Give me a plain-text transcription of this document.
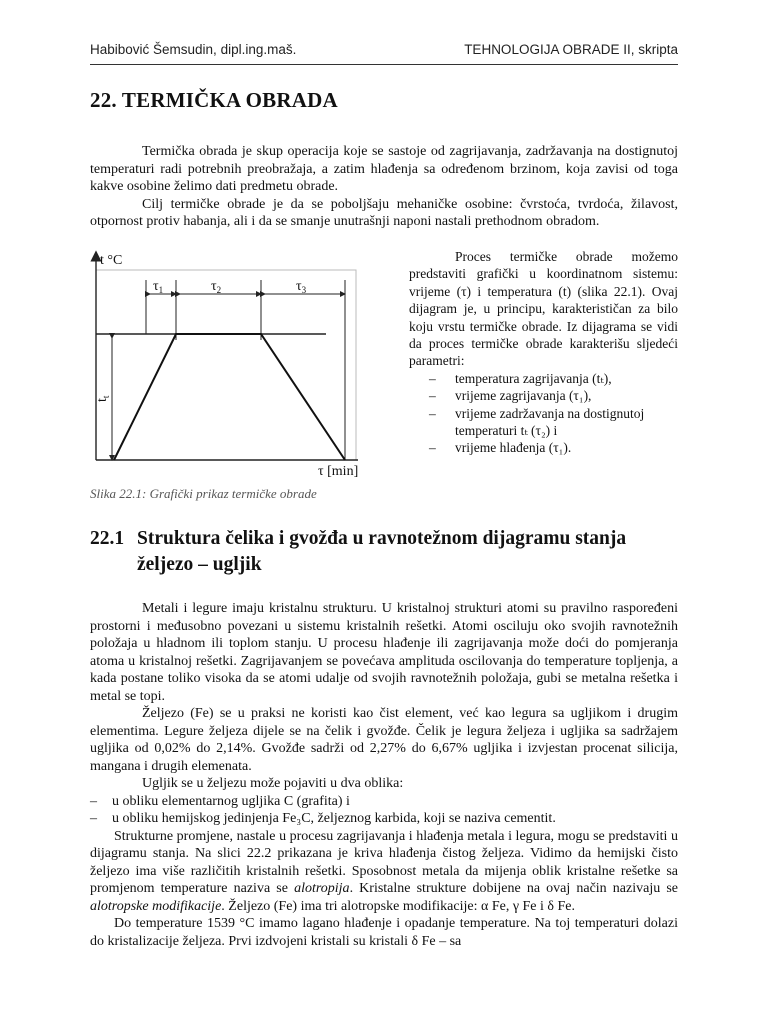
Habibović Šemsudin, dipl.ing.maš.	TEHNOLOGIJA OBRADE II, skripta
22. TERMIČKA OBRADA

Termička obrada je skup operacija koje se sastoje od zagrijavanja, zadržavanja na dostignutoj temperaturi radi potrebnih preobražaja, a zatim hlađenja sa određenom brzinom, koja zavisi od toga kakve osobine želimo dati predmetu obrade.

Cilj termičke obrade je da se poboljšaju mehaničke osobine: čvrstoća, tvrdoća, žilavost, otpornost protiv habanja, ali i da se smanje unutrašnji naponi nastali prethodnom obradom.

t °C
τ [min]
$\tau_1$	$\tau_2$	$\tau_3$
$t_t$
Slika 22.1: Grafički prikaz termičke obrade

Proces termičke obrade možemo predstaviti grafički u koordinatnom sistemu: vrijeme (τ) i temperatura (t) (slika 22.1). Ovaj dijagram je, u principu, karakterističan za bilo koju vrstu termičke obrade. Iz dijagrama se vidi da proces termičke obrade karakterišu sljedeći parametri:

– temperatura zagrijavanja (tₜ),
– vrijeme zagrijavanja (τ₁),
– vrijeme zadržavanja na dostignutoj temperaturi tₜ (τ₂) i
– vrijeme hlađenja (τ₁).
22.1 Struktura čelika i gvožđa u ravnotežnom dijagramu stanja željezo – ugljik

Metali i legure imaju kristalnu strukturu. U kristalnoj strukturi atomi su pravilno raspoređeni prostorni i međusobno povezani u sistemu kristalnih rešetki. Atomi osciluju oko svojih ravnotežnih položaja u hladnom ili toplom stanju. U procesu hlađenje ili zagrijavanja može doći do pomjeranja atoma u kristalnoj rešetki. Zagrijavanjem se povećava amplituda oscilovanja do temperature topljenja, a kada postane toliko visoka da se atomi udalje od svojih ravnotežnih položaja, gubi se metalna rešetka i metal se topi.

Željezo (Fe) se u praksi ne koristi kao čist element, već kao legura sa ugljikom i drugim elementima. Legure željeza dijele se na čelik i gvožđe. Čelik je legura željeza i ugljika sa sadržajem ugljika od 0,02% do 2,14%. Gvožđe sadrži od 2,27% do 6,67% ugljika i izvjestan procenat silicija, mangana i drugih elemenata.

Ugljik se u željezu može pojaviti u dva oblika:

– u obliku elementarnog ugljika C (grafita) i
– u obliku hemijskog jedinjenja Fe₃C, željeznog karbida, koji se naziva cementit.

Strukturne promjene, nastale u procesu zagrijavanja i hlađenja metala i legura, mogu se predstaviti u dijagramu stanja. Na slici 22.2 prikazana je kriva hlađenja čistog željeza. Vidimo da hemijski čisto željezo ima više različitih kristalnih rešetki. Sposobnost metala da mijenja oblik kristalne rešetke sa promjenom temperature naziva se alotropija. Kristalne strukture dobijene na ovaj način nazivaju se alotropske modifikacije. Željezo (Fe) ima tri alotropske modifikacije: α Fe, γ Fe i δ Fe.

Do temperature 1539 °C imamo lagano hlađenje i opadanje temperature. Na toj temperaturi dolazi do kristalizacije željeza. Prvi izdvojeni kristali su kristali δ Fe – sa
